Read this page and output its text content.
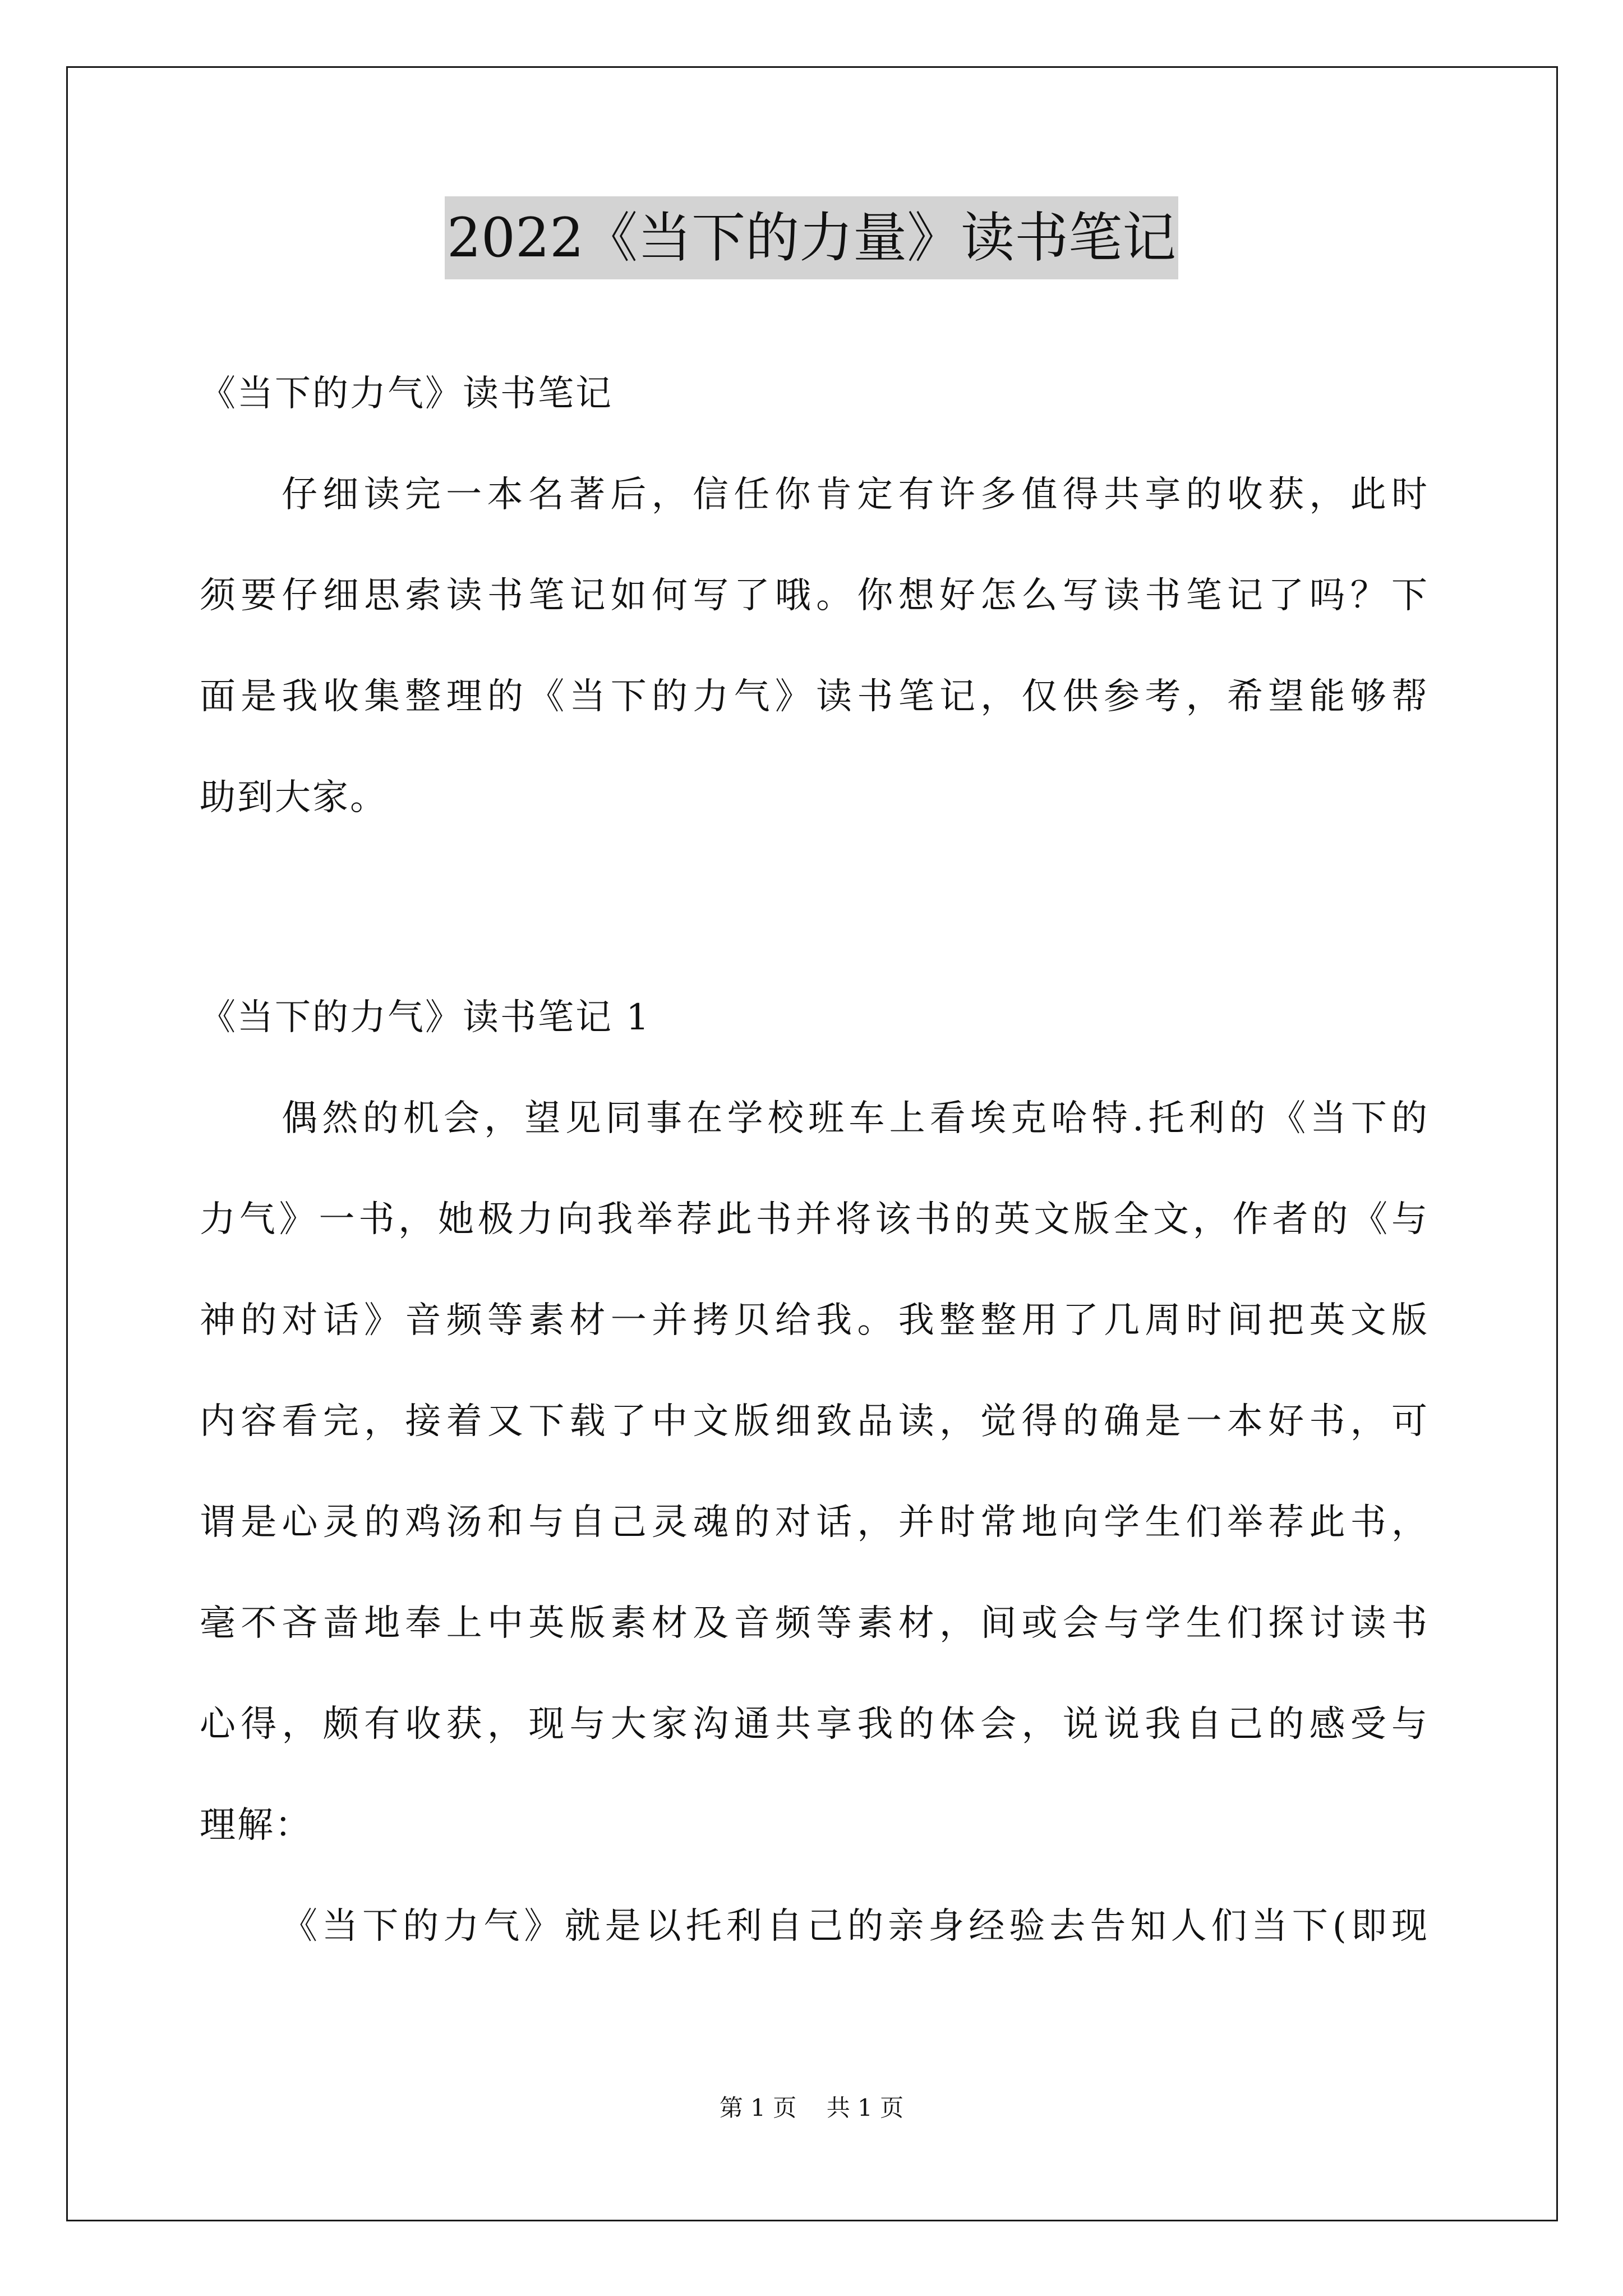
2022《当下的力量》读书笔记
《当下的力气》读书笔记
仔细读完一本名著后，信任你肯定有许多值得共享的收获，此时
须要仔细思索读书笔记如何写了哦。你想好怎么写读书笔记了吗？下
面是我收集整理的《当下的力气》读书笔记，仅供参考，希望能够帮
助到大家。
《当下的力气》读书笔记 1
偶然的机会，望见同事在学校班车上看埃克哈特.托利的《当下的
力气》一书，她极力向我举荐此书并将该书的英文版全文，作者的《与
神的对话》音频等素材一并拷贝给我。我整整用了几周时间把英文版
内容看完，接着又下载了中文版细致品读，觉得的确是一本好书，可
谓是心灵的鸡汤和与自己灵魂的对话，并时常地向学生们举荐此书，
毫不吝啬地奉上中英版素材及音频等素材，间或会与学生们探讨读书
心得，颇有收获，现与大家沟通共享我的体会，说说我自己的感受与
理解：
《当下的力气》就是以托利自己的亲身经验去告知人们当下(即现
第 1 页    共 1 页
